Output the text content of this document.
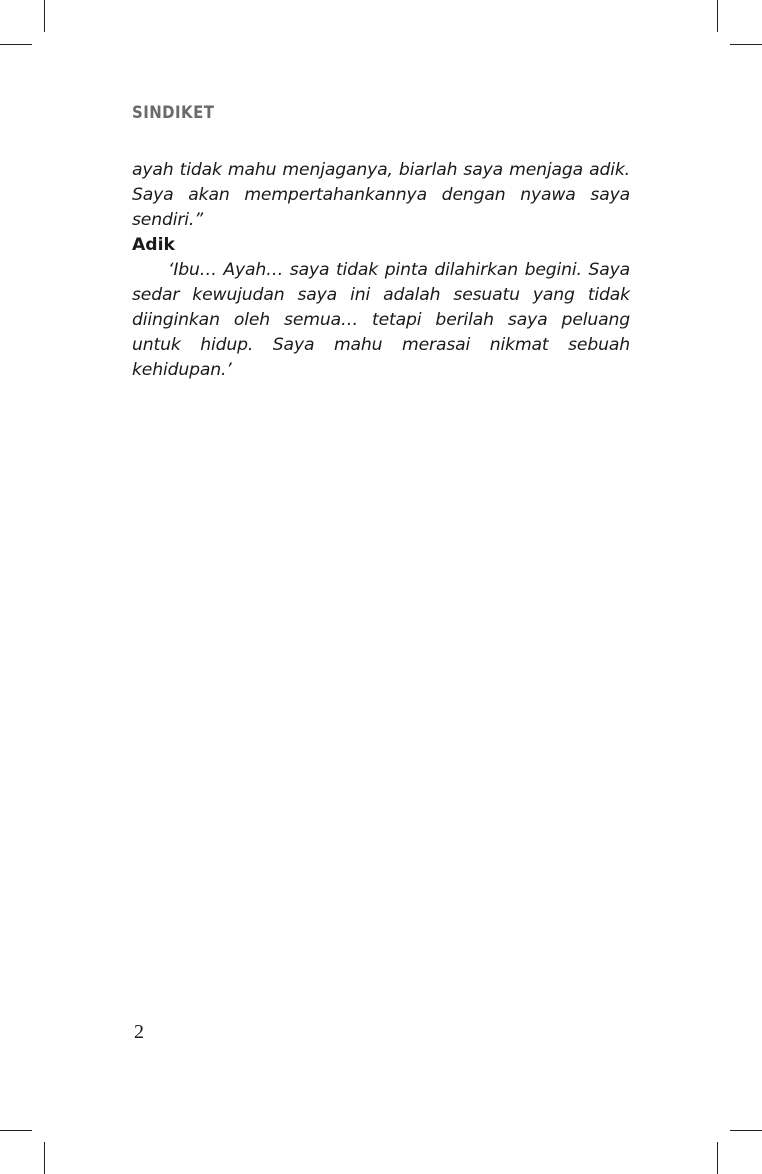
SINDIKET

ayah tidak mahu menjaganya, biarlah saya menjaga adik. Saya akan mempertahankannya dengan nyawa saya sendiri.”

Adik

‘Ibu… Ayah… saya tidak pinta dilahirkan begini. Saya sedar kewujudan saya ini adalah sesuatu yang tidak diinginkan oleh semua… tetapi berilah saya peluang untuk hidup. Saya mahu merasai nikmat sebuah kehidupan.’

2
